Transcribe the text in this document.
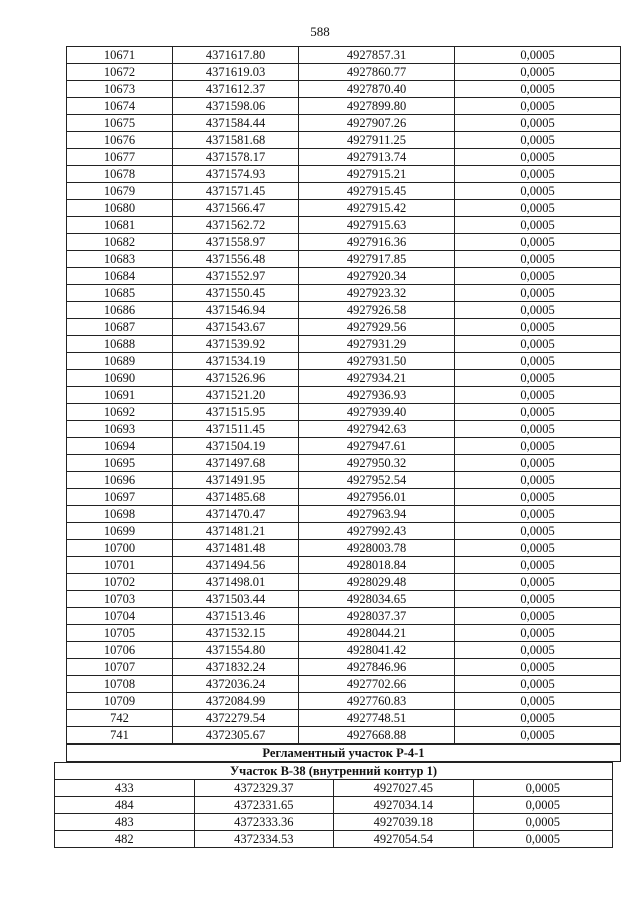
588
10671	4371617.80	4927857.31	0,0005
10672	4371619.03	4927860.77	0,0005
10673	4371612.37	4927870.40	0,0005
10674	4371598.06	4927899.80	0,0005
10675	4371584.44	4927907.26	0,0005
10676	4371581.68	4927911.25	0,0005
10677	4371578.17	4927913.74	0,0005
10678	4371574.93	4927915.21	0,0005
10679	4371571.45	4927915.45	0,0005
10680	4371566.47	4927915.42	0,0005
10681	4371562.72	4927915.63	0,0005
10682	4371558.97	4927916.36	0,0005
10683	4371556.48	4927917.85	0,0005
10684	4371552.97	4927920.34	0,0005
10685	4371550.45	4927923.32	0,0005
10686	4371546.94	4927926.58	0,0005
10687	4371543.67	4927929.56	0,0005
10688	4371539.92	4927931.29	0,0005
10689	4371534.19	4927931.50	0,0005
10690	4371526.96	4927934.21	0,0005
10691	4371521.20	4927936.93	0,0005
10692	4371515.95	4927939.40	0,0005
10693	4371511.45	4927942.63	0,0005
10694	4371504.19	4927947.61	0,0005
10695	4371497.68	4927950.32	0,0005
10696	4371491.95	4927952.54	0,0005
10697	4371485.68	4927956.01	0,0005
10698	4371470.47	4927963.94	0,0005
10699	4371481.21	4927992.43	0,0005
10700	4371481.48	4928003.78	0,0005
10701	4371494.56	4928018.84	0,0005
10702	4371498.01	4928029.48	0,0005
10703	4371503.44	4928034.65	0,0005
10704	4371513.46	4928037.37	0,0005
10705	4371532.15	4928044.21	0,0005
10706	4371554.80	4928041.42	0,0005
10707	4371832.24	4927846.96	0,0005
10708	4372036.24	4927702.66	0,0005
10709	4372084.99	4927760.83	0,0005
742	4372279.54	4927748.51	0,0005
741	4372305.67	4927668.88	0,0005
Регламентный участок Р-4-1
Участок В-38 (внутренний контур 1)			
433	4372329.37	4927027.45	0,0005
484	4372331.65	4927034.14	0,0005
483	4372333.36	4927039.18	0,0005
482	4372334.53	4927054.54	0,0005
